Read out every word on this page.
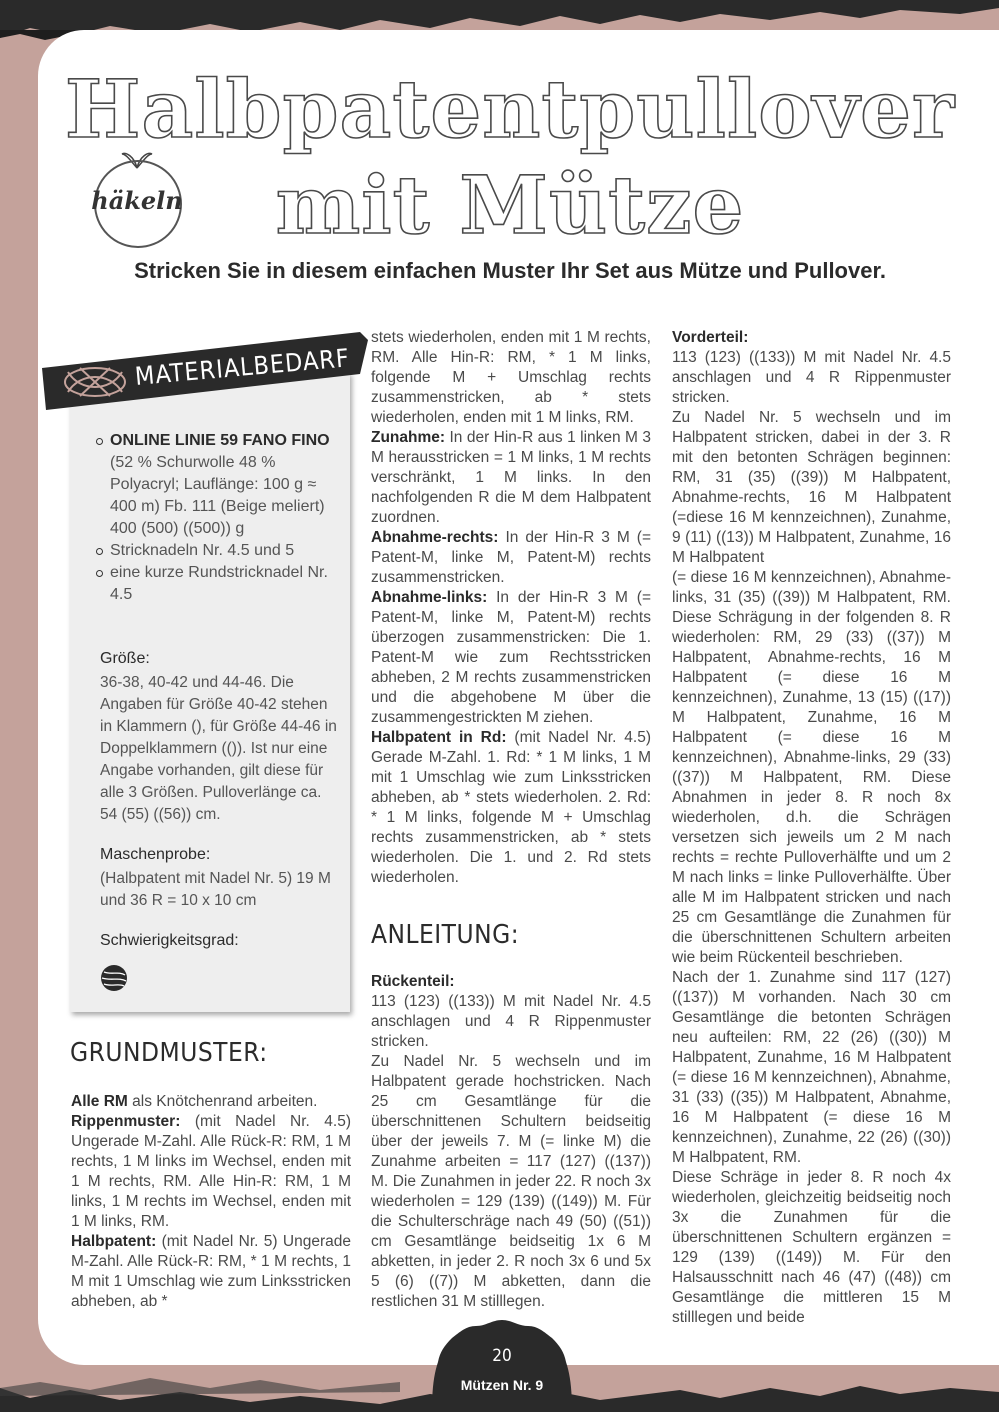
Halbpatentpullover
mit Mütze
häkeln
Stricken Sie in diesem einfachen Muster Ihr Set aus Mütze und Pullover.
MATERIALBEDARF
ONLINE LINIE 59 FANO FINO (52 % Schurwolle 48 % Polyacryl; Lauflänge: 100 g ≈ 400 m) Fb. 111 (Beige meliert) 400 (500) ((500)) g
Stricknadeln Nr. 4.5 und 5
eine kurze Rundstricknadel Nr. 4.5
Größe:
36-38, 40-42 und 44-46. Die Angaben für Größe 40-42 stehen in Klammern (), für Größe 44-46 in Doppelklammern (()). Ist nur eine Angabe vorhanden, gilt diese für alle 3 Größen. Pulloverlänge ca. 54 (55) ((56)) cm.
Maschenprobe:
(Halbpatent mit Nadel Nr. 5) 19 M und 36 R = 10 x 10 cm
Schwierigkeitsgrad:
GRUNDMUSTER:

Alle RM als Knötchenrand arbeiten.

Rippenmuster: (mit Nadel Nr. 4.5) Ungerade M-Zahl. Alle Rück-R: RM, 1 M rechts, 1 M links im Wechsel, enden mit 1 M rechts, RM. Alle Hin-R: RM, 1 M links, 1 M rechts im Wechsel, enden mit 1 M links, RM.

Halbpatent: (mit Nadel Nr. 5) Ungerade M-Zahl. Alle Rück-R: RM, * 1 M rechts, 1 M mit 1 Umschlag wie zum Linksstricken abheben, ab *

stets wiederholen, enden mit 1 M rechts, RM. Alle Hin-R: RM, * 1 M links, folgende M + Umschlag rechts zusammenstricken, ab * stets wiederholen, enden mit 1 M links, RM.

Zunahme: In der Hin-R aus 1 linken M 3 M herausstricken = 1 M links, 1 M rechts verschränkt, 1 M links. In den nachfolgenden R die M dem Halbpatent zuordnen.

Abnahme-rechts: In der Hin-R 3 M (= Patent-M, linke M, Patent-M) rechts zusammenstricken.

Abnahme-links: In der Hin-R 3 M (= Patent-M, linke M, Patent-M) rechts überzogen zusammenstricken: Die 1. Patent-M wie zum Rechtsstricken abheben, 2 M rechts zusammenstricken und die abgehobene M über die zusammengestrickten M ziehen.

Halbpatent in Rd: (mit Nadel Nr. 4.5) Gerade M-Zahl. 1. Rd: * 1 M links, 1 M mit 1 Umschlag wie zum Linksstricken abheben, ab * stets wiederholen. 2. Rd: * 1 M links, folgende M + Umschlag rechts zusammenstricken, ab * stets wiederholen. Die 1. und 2. Rd stets wiederholen.

ANLEITUNG:

Rückenteil:

113 (123) ((133)) M mit Nadel Nr. 4.5 anschlagen und 4 R Rippenmuster stricken.

Zu Nadel Nr. 5 wechseln und im Halbpatent gerade hochstricken. Nach 25 cm Gesamtlänge für die überschnittenen Schultern beidseitig über der jeweils 7. M (= linke M) die Zunahme arbeiten = 117 (127) ((137)) M. Die Zunahmen in jeder 22. R noch 3x wiederholen = 129 (139) ((149)) M. Für die Schulterschräge nach 49 (50) ((51)) cm Gesamtlänge beidseitig 1x 6 M abketten, in jeder 2. R noch 3x 6 und 5x 5 (6) ((7)) M abketten, dann die restlichen 31 M stilllegen.

Vorderteil:

113 (123) ((133)) M mit Nadel Nr. 4.5 anschlagen und 4 R Rippenmuster stricken.

Zu Nadel Nr. 5 wechseln und im Halbpatent stricken, dabei in der 3. R mit den betonten Schrägen beginnen: RM, 31 (35) ((39)) M Halbpatent, Abnahme-rechts, 16 M Halbpatent (=diese 16 M kennzeichnen), Zunahme, 9 (11) ((13)) M Halbpatent, Zunahme, 16 M Halbpatent

(= diese 16 M kennzeichnen), Abnahme-links, 31 (35) ((39)) M Halbpatent, RM. Diese Schrägung in der folgenden 8. R wiederholen: RM, 29 (33) ((37)) M Halbpatent, Abnahme-rechts, 16 M Halbpatent (= diese 16 M kennzeichnen), Zunahme, 13 (15) ((17)) M Halbpatent, Zunahme, 16 M Halbpatent (= diese 16 M kennzeichnen), Abnahme-links, 29 (33) ((37)) M Halbpatent, RM. Diese Abnahmen in jeder 8. R noch 8x wiederholen, d.h. die Schrägen versetzen sich jeweils um 2 M nach rechts = rechte Pulloverhälfte und um 2 M nach links = linke Pulloverhälfte. Über alle M im Halbpatent stricken und nach 25 cm Gesamtlänge die Zunahmen für die überschnittenen Schultern arbeiten wie beim Rückenteil beschrieben.

Nach der 1. Zunahme sind 117 (127) ((137)) M vorhanden. Nach 30 cm Gesamtlänge die betonten Schrägen neu aufteilen: RM, 22 (26) ((30)) M Halbpatent, Zunahme, 16 M Halbpatent (= diese 16 M kennzeichnen), Abnahme, 31 (33) ((35)) M Halbpatent, Abnahme, 16 M Halbpatent (= diese 16 M kennzeichnen), Zunahme, 22 (26) ((30)) M Halbpatent, RM.

Diese Schräge in jeder 8. R noch 4x wiederholen, gleichzeitig beidseitig noch 3x die Zunahmen für die überschnittenen Schultern ergänzen = 129 (139) ((149)) M. Für den Halsausschnitt nach 46 (47) ((48)) cm Gesamtlänge die mittleren 15 M stilllegen und beide

20
Mützen Nr. 9
